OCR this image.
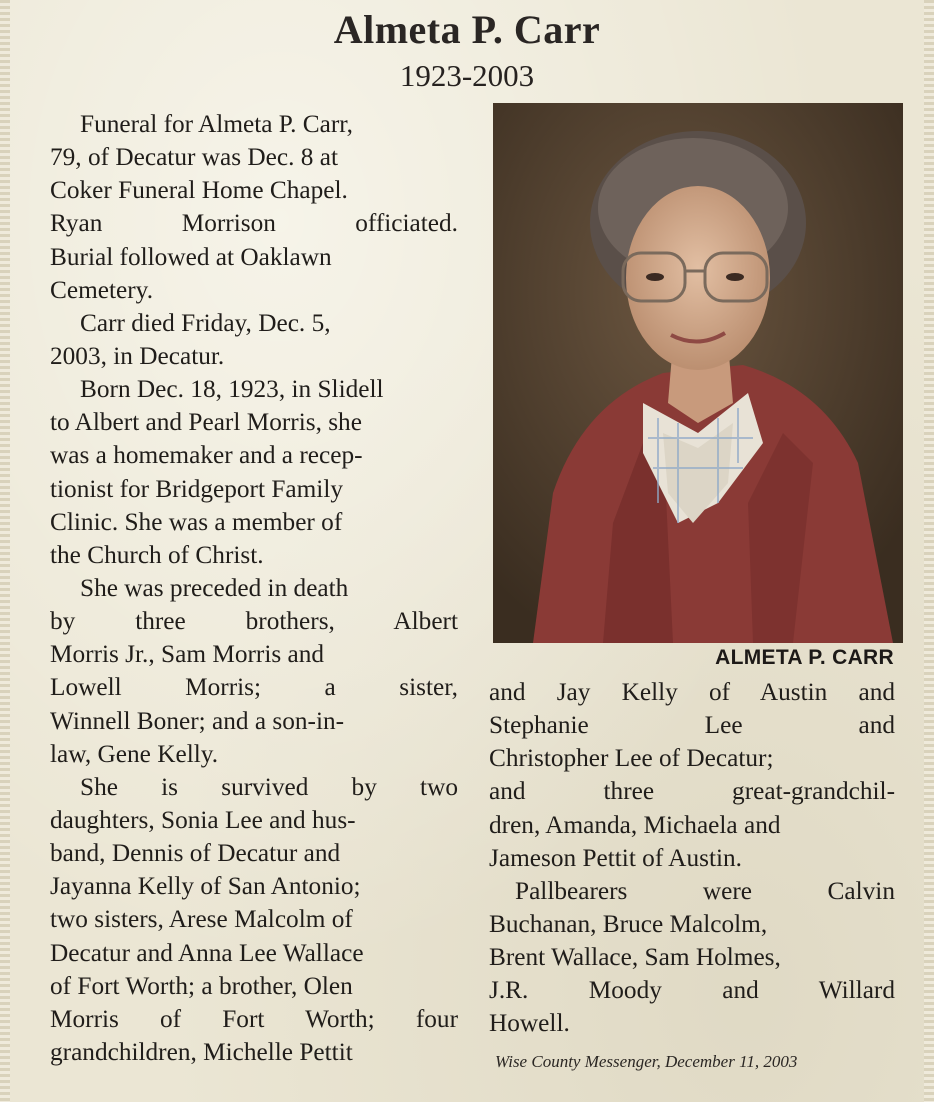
Almeta P. Carr
1923-2003
Funeral for Almeta P. Carr,
79, of Decatur was Dec. 8 at
Coker Funeral Home Chapel.
Ryan Morrison officiated.
Burial followed at Oaklawn
Cemetery.
Carr died Friday, Dec. 5,
2003, in Decatur.
Born Dec. 18, 1923, in Slidell
to Albert and Pearl Morris, she
was a homemaker and a recep-
tionist for Bridgeport Family
Clinic. She was a member of
the Church of Christ.
She was preceded in death
by three brothers, Albert
Morris Jr., Sam Morris and
Lowell Morris; a sister,
Winnell Boner; and a son-in-
law, Gene Kelly.
She is survived by two
daughters, Sonia Lee and hus-
band, Dennis of Decatur and
Jayanna Kelly of San Antonio;
two sisters, Arese Malcolm of
Decatur and Anna Lee Wallace
of Fort Worth; a brother, Olen
Morris of Fort Worth; four
grandchildren, Michelle Pettit
ALMETA P. CARR
and Jay Kelly of Austin and
Stephanie Lee and
Christopher Lee of Decatur;
and three great-grandchil-
dren, Amanda, Michaela and
Jameson Pettit of Austin.
Pallbearers were Calvin
Buchanan, Bruce Malcolm,
Brent Wallace, Sam Holmes,
J.R. Moody and Willard
Howell.
Wise County Messenger, December 11, 2003
